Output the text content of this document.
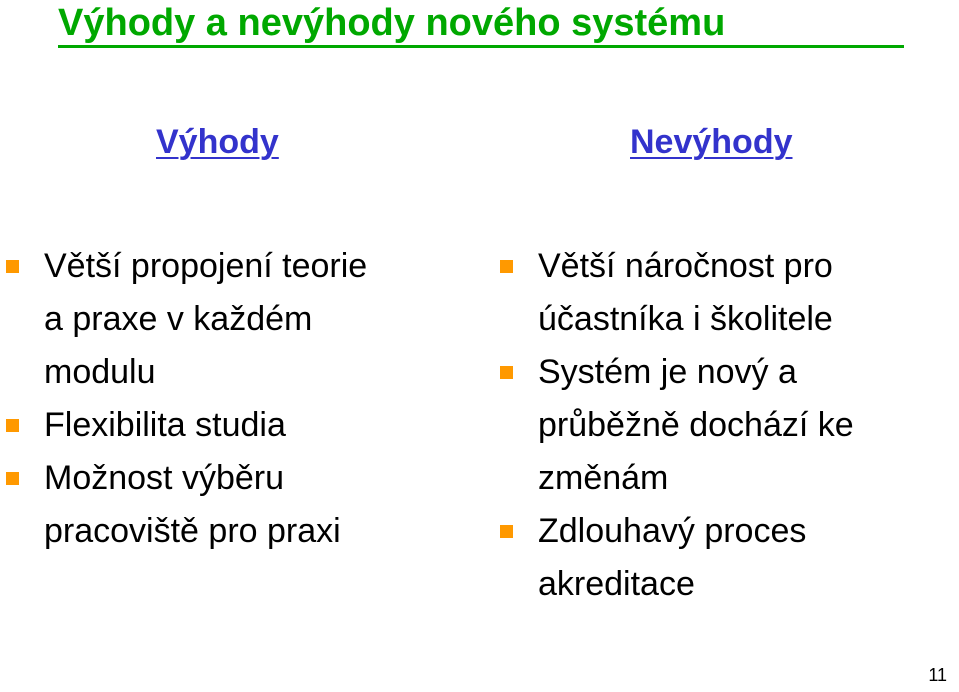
Výhody a nevýhody nového systému
Výhody	Nevýhody
Větší propojení teorie
a praxe v každém
modulu
Flexibilita studia
Možnost výběru
pracoviště pro praxi
Větší náročnost pro
účastníka i školitele
Systém je nový a
průběžně dochází ke
změnám
Zdlouhavý proces
akreditace
11
